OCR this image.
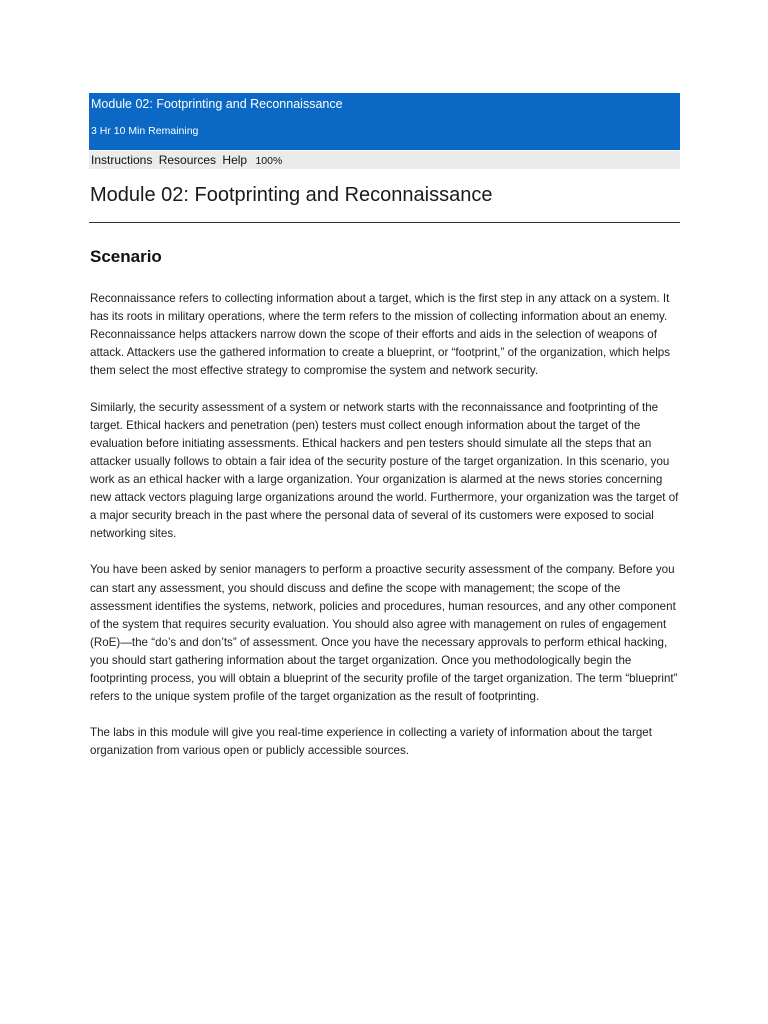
Module 02: Footprinting and Reconnaissance
3 Hr 10 Min Remaining
Instructions Resources Help 100%
Module 02: Footprinting and Reconnaissance
Scenario

Reconnaissance refers to collecting information about a target, which is the first step in any attack on a system. It has its roots in military operations, where the term refers to the mission of collecting information about an enemy. Reconnaissance helps attackers narrow down the scope of their efforts and aids in the selection of weapons of attack. Attackers use the gathered information to create a blueprint, or “footprint,” of the organization, which helps them select the most effective strategy to compromise the system and network security.

Similarly, the security assessment of a system or network starts with the reconnaissance and footprinting of the target. Ethical hackers and penetration (pen) testers must collect enough information about the target of the evaluation before initiating assessments. Ethical hackers and pen testers should simulate all the steps that an attacker usually follows to obtain a fair idea of the security posture of the target organization. In this scenario, you work as an ethical hacker with a large organization. Your organization is alarmed at the news stories concerning new attack vectors plaguing large organizations around the world. Furthermore, your organization was the target of a major security breach in the past where the personal data of several of its customers were exposed to social networking sites.

You have been asked by senior managers to perform a proactive security assessment of the company. Before you can start any assessment, you should discuss and define the scope with management; the scope of the assessment identifies the systems, network, policies and procedures, human resources, and any other component of the system that requires security evaluation. You should also agree with management on rules of engagement (RoE)—the “do’s and don’ts” of assessment. Once you have the necessary approvals to perform ethical hacking, you should start gathering information about the target organization. Once you methodologically begin the footprinting process, you will obtain a blueprint of the security profile of the target organization. The term “blueprint” refers to the unique system profile of the target organization as the result of footprinting.

The labs in this module will give you real-time experience in collecting a variety of information about the target organization from various open or publicly accessible sources.
